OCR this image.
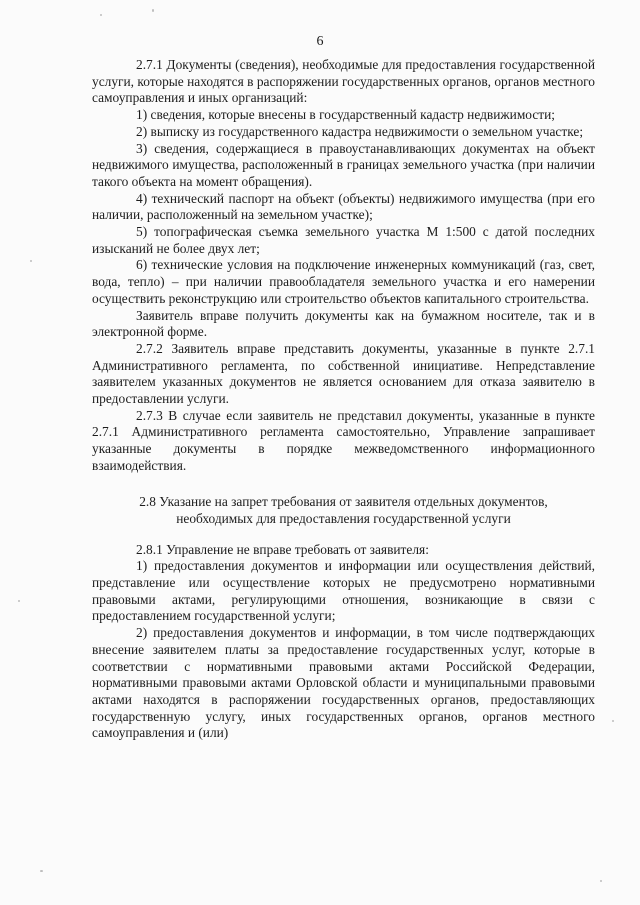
6

2.7.1 Документы (сведения), необходимые для предоставления государственной услуги, которые находятся в распоряжении государственных органов, органов местного самоуправления и иных организаций:

1) сведения, которые внесены в государственный кадастр недвижимости;

2) выписку из государственного кадастра недвижимости о земельном участке;

3) сведения, содержащиеся в правоустанавливающих документах на объект недвижимого имущества, расположенный в границах земельного участка (при наличии такого объекта на момент обращения).

4) технический паспорт на объект (объекты) недвижимого имущества (при его наличии, расположенный на земельном участке);

5) топографическая съемка земельного участка М 1:500 с датой последних изысканий не более двух лет;

6) технические условия на подключение инженерных коммуникаций (газ, свет, вода, тепло) – при наличии правообладателя земельного участка и его намерении осуществить реконструкцию или строительство объектов капитального строительства.

Заявитель вправе получить документы как на бумажном носителе, так и в электронной форме.

2.7.2 Заявитель вправе представить документы, указанные в пункте 2.7.1 Административного регламента, по собственной инициативе. Непредставление заявителем указанных документов не является основанием для отказа заявителю в предоставлении услуги.

2.7.3 В случае если заявитель не представил документы, указанные в пункте 2.7.1 Административного регламента самостоятельно, Управление запрашивает указанные документы в порядке межведомственного информационного взаимодействия.

2.8 Указание на запрет требования от заявителя отдельных документов,
необходимых для предоставления государственной услуги

2.8.1 Управление не вправе требовать от заявителя:

1) предоставления документов и информации или осуществления действий, представление или осуществление которых не предусмотрено нормативными правовыми актами, регулирующими отношения, возникающие в связи с предоставлением государственной услуги;

2) предоставления документов и информации, в том числе подтверждающих внесение заявителем платы за предоставление государственных услуг, которые в соответствии с нормативными правовыми актами Российской Федерации, нормативными правовыми актами Орловской области и муниципальными правовыми актами находятся в распоряжении государственных органов, предоставляющих государственную услугу, иных государственных органов, органов местного самоуправления и (или)
